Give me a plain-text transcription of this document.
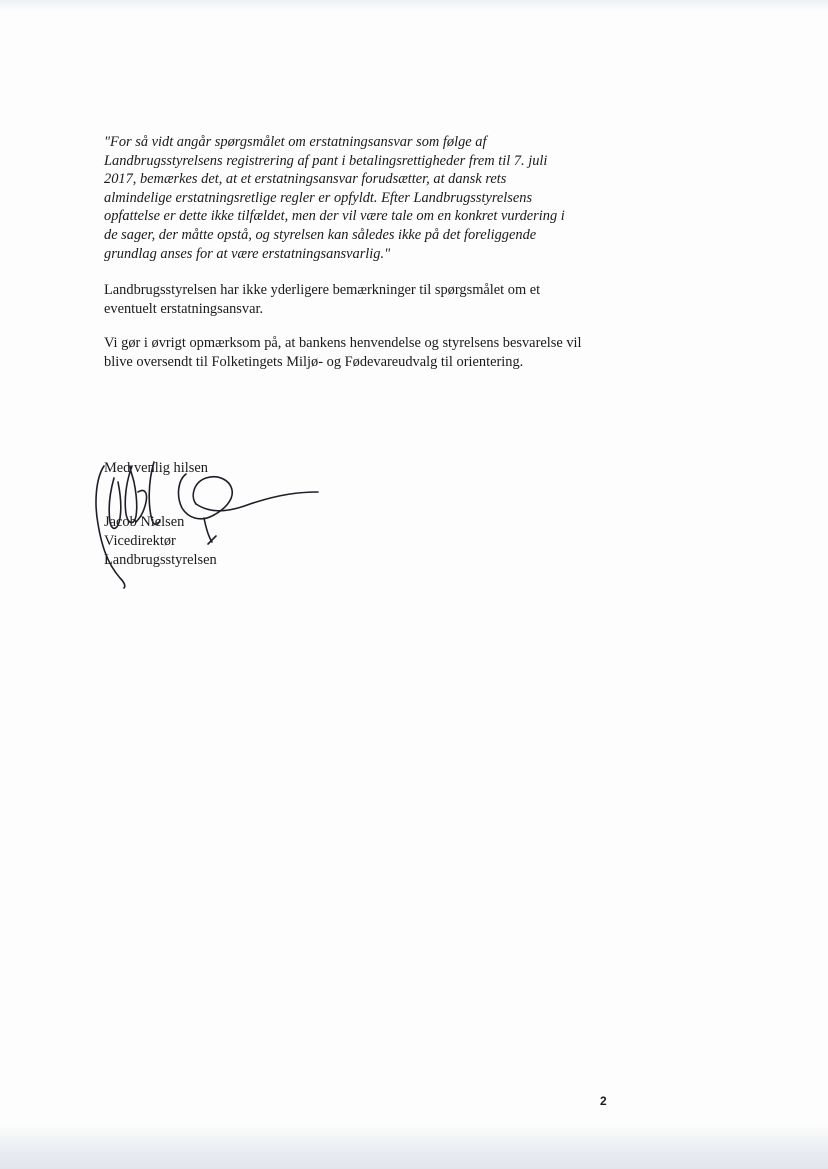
"For så vidt angår spørgsmålet om erstatningsansvar som følge af
Landbrugsstyrelsens registrering af pant i betalingsrettigheder frem til 7. juli
2017, bemærkes det, at et erstatningsansvar forudsætter, at dansk rets
almindelige erstatningsretlige regler er opfyldt. Efter Landbrugsstyrelsens
opfattelse er dette ikke tilfældet, men der vil være tale om en konkret vurdering i
de sager, der måtte opstå, og styrelsen kan således ikke på det foreliggende
grundlag anses for at være erstatningsansvarlig."
Landbrugsstyrelsen har ikke yderligere bemærkninger til spørgsmålet om et
eventuelt erstatningsansvar.
Vi gør i øvrigt opmærksom på, at bankens henvendelse og styrelsens besvarelse vil
blive oversendt til Folketingets Miljø- og Fødevareudvalg til orientering.
Med venlig hilsen
Jacob Nielsen
Vicedirektør
Landbrugsstyrelsen
2
